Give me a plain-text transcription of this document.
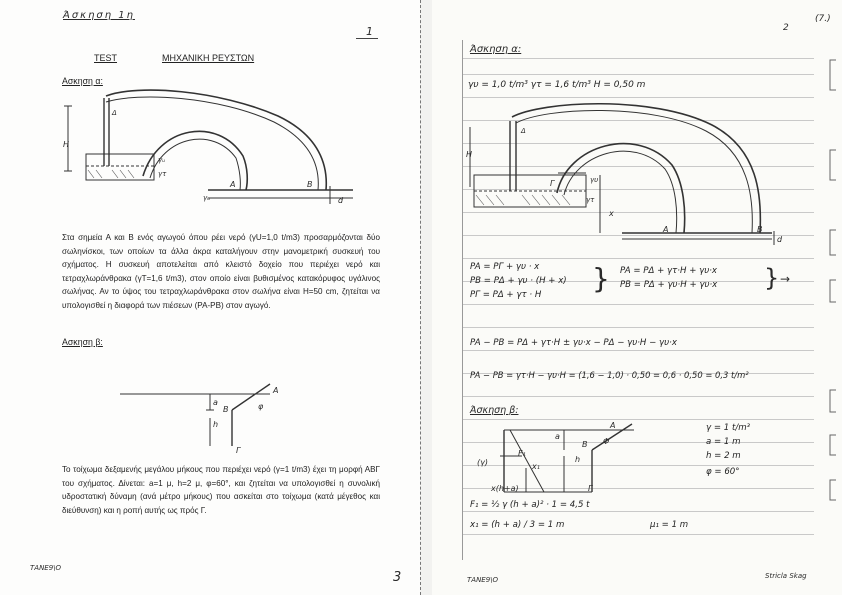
Άσκηση 1η
1
TEST	ΜΗΧΑΝΙΚΗ ΡΕΥΣΤΩΝ
Ασκηση α:
Δ
H
γᵤ
γτ
A	B
d
γᵤ
Στα σημεία Α και Β ενός αγωγού όπου ρέει νερό (γU=1,0 t/m3) προσαρμόζονται δύο σωληνίσκοι, των οποίων τα άλλα άκρα καταλήγουν στην μανομετρική συσκευή του σχήματος. Η συσκευή αποτελείται από κλειστό δοχείο που περιέχει νερό και τετραχλωράνθρακα (γT=1,6 t/m3), στον οποίο είναι βυθισμένος κατακόρυφος υγάλινος σωλήνας. Αν το ύψος του τετραχλωράνθρακα στον σωλήνα είναι Η=50 cm, ζητείται να υπολογισθεί η διαφορά των πιέσεων (PA-PB) στον αγωγό.
Ασκηση β:
A
B
a
h
φ
Γ
Το τοίχωμα δεξαμενής μεγάλου μήκους που περιέχει νερό (γ=1 t/m3) έχει τη μορφή ΑΒΓ του σχήματος. Δίνεται: a=1 μ, h=2 μ, φ=60°, και ζητείται να υπολογισθεί η συνολική υδροστατική δύναμη (ανά μέτρο μήκους) που ασκείται στο τοίχωμα (κατά μέγεθος και διεύθυνση) και η ροπή αυτής ως πρός Γ.
ΤΑΝΕ9\Ο
3
(7.)
2
Άσκηση α:
γυ = 1,0 t/m³ γτ = 1,6 t/m³ H = 0,50 m
Δ
H
Γ	γυ
γτ
x
A	B
d
PA = PΓ + γυ · x
PB = PΔ + γυ · (H + x)
PΓ = PΔ + γτ · H } PA = PΔ + γτ·H + γυ·x
PB = PΔ + γυ·H + γυ·x } →
PA − PB = PΔ + γτ·H ± γυ·x − PΔ − γυ·H − γυ·x
PA − PB = γτ·H − γυ·H = (1,6 − 1,0) · 0,50 = 0,6 · 0,50 = 0,3 t/m²
Άσκηση β:
(γ)
F₁
a
h
x₁
B
A
Φ
Γ
x(h+a)
γ = 1 t/m³
a = 1 m
h = 2 m
φ = 60°
F₁ = ½ γ (h + a)² · 1 = 4,5 t
x₁ = (h + a) / 3 = 1 m	μ₁ = 1 m
ΤΑΝΕ9\Ο	Stricla Skag
